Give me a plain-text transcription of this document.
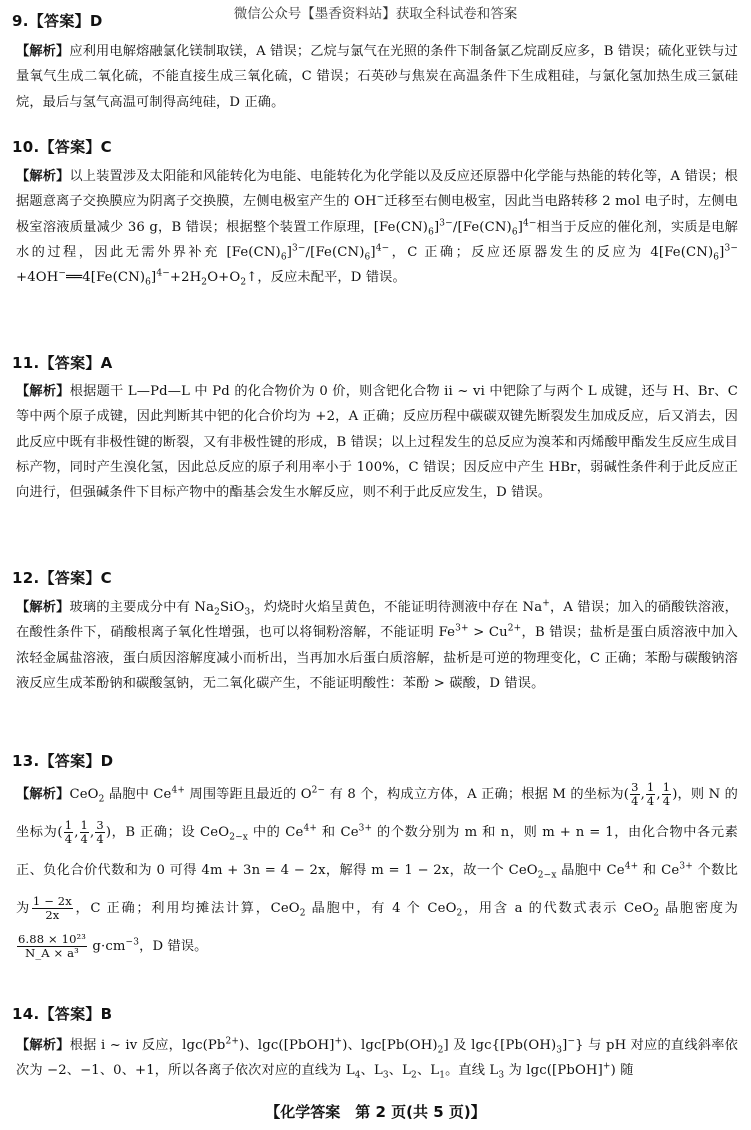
微信公众号【墨香资料站】获取全科试卷和答案
9.【答案】D
【解析】应利用电解熔融氯化镁制取镁，A 错误；乙烷与氯气在光照的条件下制备氯乙烷副反应多，B 错误；硫化亚铁与过量氧气生成二氧化硫，不能直接生成三氧化硫，C 错误；石英砂与焦炭在高温条件下生成粗硅，与氯化氢加热生成三氯硅烷，最后与氢气高温可制得高纯硅，D 正确。
10.【答案】C
【解析】以上装置涉及太阳能和风能转化为电能、电能转化为化学能以及反应还原器中化学能与热能的转化等，A 错误；根据题意离子交换膜应为阴离子交换膜，左侧电极室产生的 OH−迁移至右侧电极室，因此当电路转移 2 mol 电子时，左侧电极室溶液质量减少 36 g，B 错误；根据整个装置工作原理，$[Fe(CN)_6]^{3-}/[Fe(CN)_6]^{4-}$相当于反应的催化剂，实质是电解水的过程，因此无需外界补充 $[Fe(CN)_6]^{3-}/[Fe(CN)_6]^{4-}$，C 正确；反应还原器发生的反应为 $4[Fe(CN)_6]^{3-}+4OH^-══4[Fe(CN)_6]^{4-}+2H_2O+O_2↑$，反应未配平，D 错误。
11.【答案】A
【解析】根据题干 L—Pd—L 中 Pd 的化合物价为 0 价，则含钯化合物 ii ~ vi 中钯除了与两个 L 成键，还与 H、Br、C 等中两个原子成键，因此判断其中钯的化合价均为 +2，A 正确；反应历程中碳碳双键先断裂发生加成反应，后又消去，因此反应中既有非极性键的断裂，又有非极性键的形成，B 错误；以上过程发生的总反应为溴苯和丙烯酸甲酯发生反应生成目标产物，同时产生溴化氢，因此总反应的原子利用率小于 100%，C 错误；因反应中产生 HBr，弱碱性条件利于此反应正向进行，但强碱条件下目标产物中的酯基会发生水解反应，则不利于此反应发生，D 错误。
12.【答案】C
【解析】玻璃的主要成分中有 $Na_2SiO_3$，灼烧时火焰呈黄色，不能证明待测液中存在 Na+，A 错误；加入的硝酸铁溶液，在酸性条件下，硝酸根离子氧化性增强，也可以将铜粉溶解，不能证明 $Fe^{3+} > Cu^{2+}$，B 错误；盐析是蛋白质溶液中加入浓轻金属盐溶液，蛋白质因溶解度减小而析出，当再加水后蛋白质溶解，盐析是可逆的物理变化，C 正确；苯酚与碳酸钠溶液反应生成苯酚钠和碳酸氢钠，无二氧化碳产生，不能证明酸性：苯酚 > 碳酸，D 错误。
13.【答案】D
【解析】CeO$_2$ 晶胞中 $Ce^{4+}$ 周围等距且最近的 $O^{2-}$ 有 8 个，构成立方体，A 正确；根据 M 的坐标为( $\frac{3}{4}$ , $\frac{1}{4}$ , $\frac{1}{4}$ )，则 N 的坐标为( $\frac{1}{4}$ , $\frac{1}{4}$ , $\frac{3}{4}$ )，B 正确；设 CeO$_{2-x}$ 中的 $Ce^{4+}$ 和 $Ce^{3+}$ 的个数分别为 m 和 n，则 m + n = 1，由化合物中各元素正、负化合价代数和为 0 可得 4m + 3n = 4 − 2x，解得 m = 1 − 2x，故一个 CeO$_{2-x}$ 晶胞中 $Ce^{4+}$ 和 $Ce^{3+}$ 个数比为 $\frac{1 - 2x}{2x}$ ，C 正确；利用均摊法计算，CeO$_2$ 晶胞中，有 4 个 CeO$_2$，用含 a 的代数式表示 CeO$_2$ 晶胞密度为
$\frac{\text{6.88 × 10²³}}{\text{N\_A × a³}} g\cdot cm^{-3}$，D 错误。
14.【答案】B
【解析】根据 i ~ iv 反应，$\lg c(Pb^{2+})$、lgc([PbOH]+)、$\lg c[Pb(OH)_2]$ 及 $\lg c\{[Pb(OH)_3]^-\}$ 与 pH 对应的直线斜率依次为 −2、−1、0、+1，所以各离子依次对应的直线为 $L_4$、$L_3$、$L_2$、$L_1$。直线 $L_3$ 为 lgc([PbOH]+) 随
【化学答案　第 2 页(共 5 页)】
